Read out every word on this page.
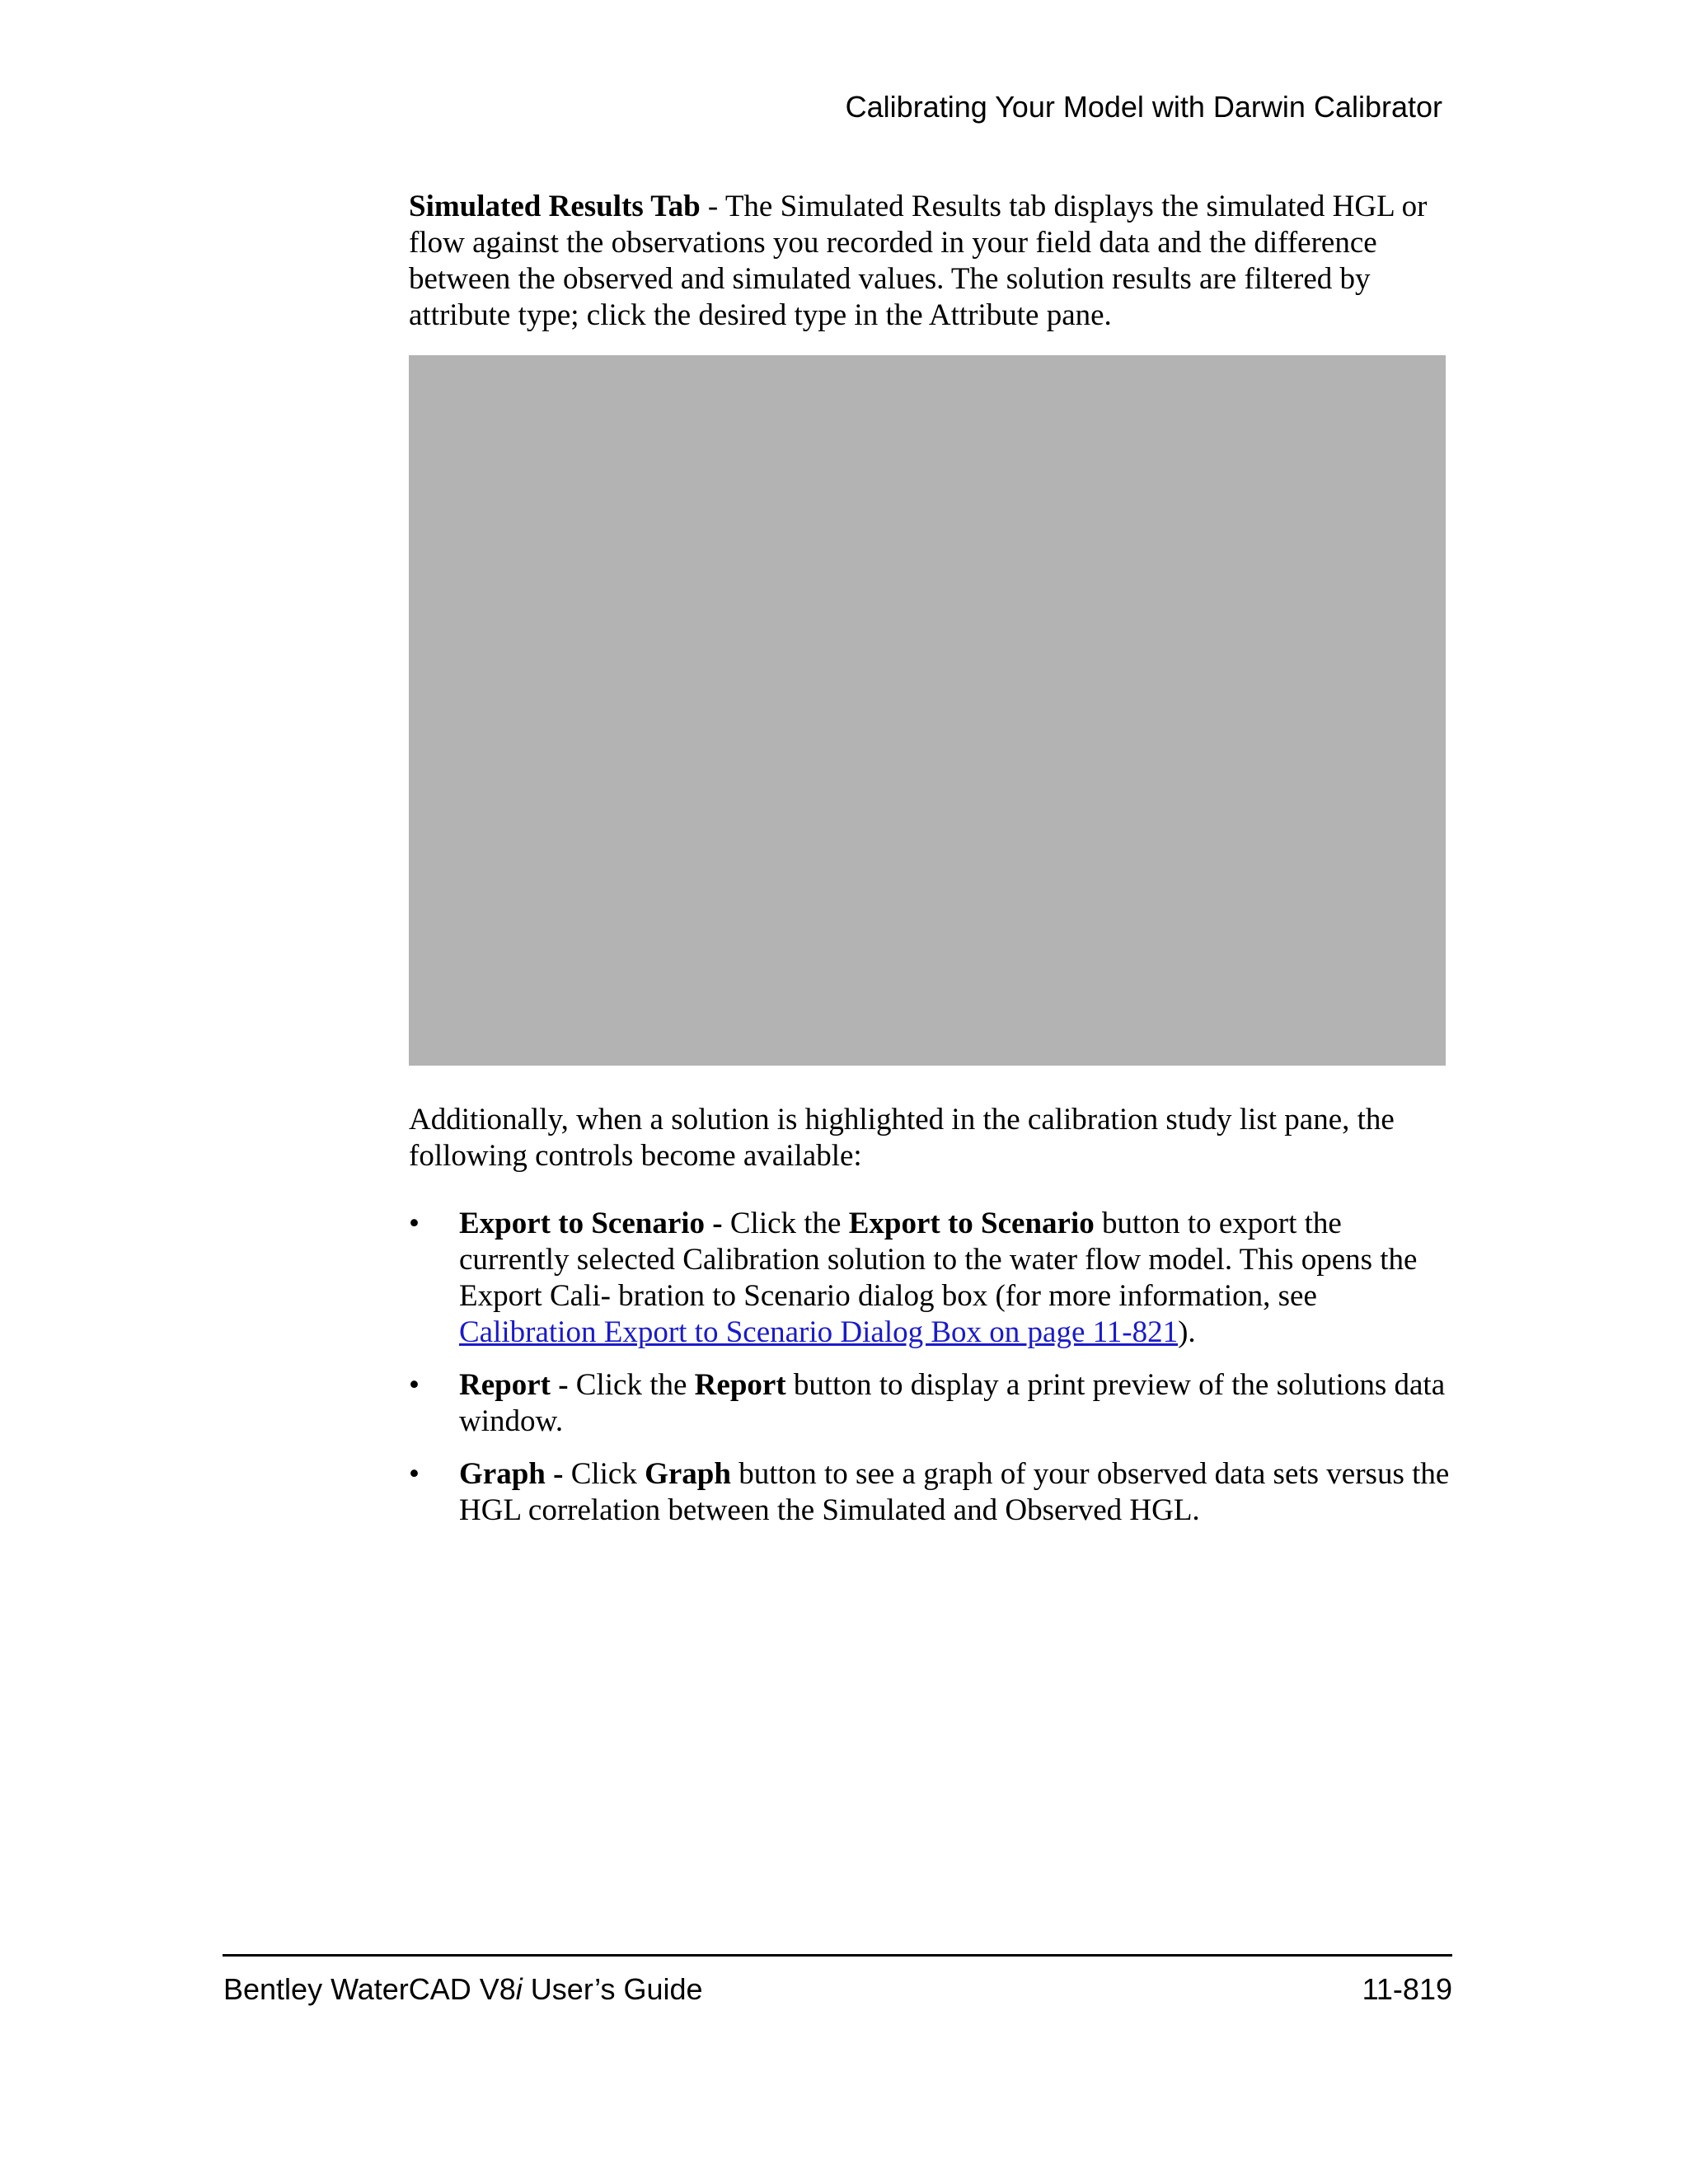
Calibrating Your Model with Darwin Calibrator

Simulated Results Tab - The Simulated Results tab displays the simulated HGL or flow against the observations you recorded in your field data and the difference between the observed and simulated values. The solution results are filtered by attribute type; click the desired type in the Attribute pane.

Additionally, when a solution is highlighted in the calibration study list pane, the following controls become available:

• Export to Scenario - Click the Export to Scenario button to export the currently selected Calibration solution to the water flow model. This opens the Export Cali- bration to Scenario dialog box (for more information, see Calibration Export to Scenario Dialog Box on page 11-821).
• Report - Click the Report button to display a print preview of the solutions data window.
• Graph - Click Graph button to see a graph of your observed data sets versus the HGL correlation between the Simulated and Observed HGL.
Bentley WaterCAD V8i User’s Guide	11-819
